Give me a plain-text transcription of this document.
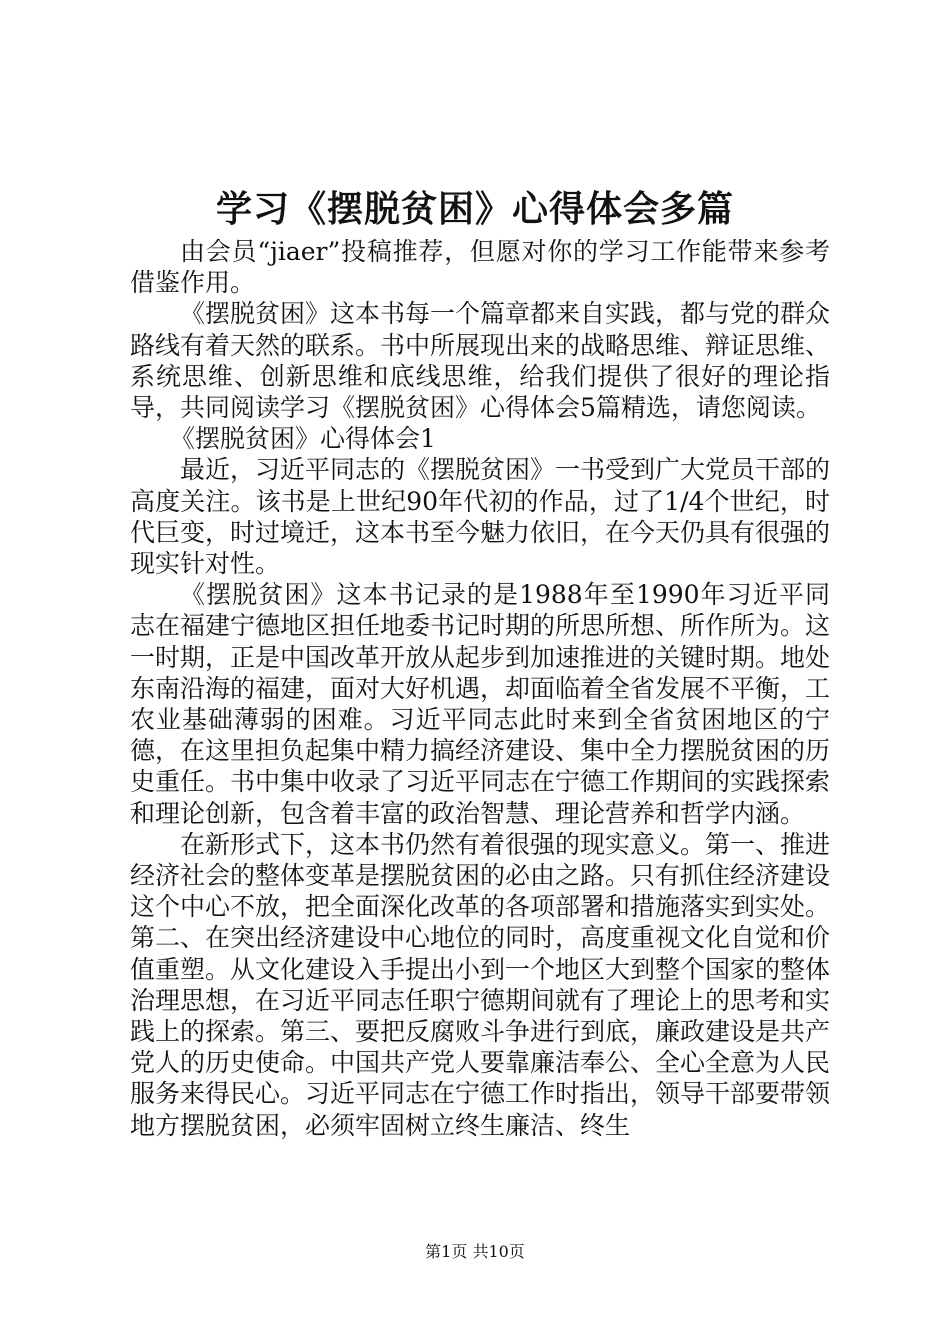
学习《摆脱贫困》心得体会多篇

由会员“jiaer”投稿推荐，但愿对你的学习工作能带来参考借鉴作用。

《摆脱贫困》这本书每一个篇章都来自实践，都与党的群众路线有着天然的联系。书中所展现出来的战略思维、辩证思维、系统思维、创新思维和底线思维，给我们提供了很好的理论指导，共同阅读学习《摆脱贫困》心得体会5篇精选，请您阅读。

《摆脱贫困》心得体会1

最近，习近平同志的《摆脱贫困》一书受到广大党员干部的高度关注。该书是上世纪90年代初的作品，过了1/4个世纪，时代巨变，时过境迁，这本书至今魅力依旧，在今天仍具有很强的现实针对性。

《摆脱贫困》这本书记录的是1988年至1990年习近平同志在福建宁德地区担任地委书记时期的所思所想、所作所为。这一时期，正是中国改革开放从起步到加速推进的关键时期。地处东南沿海的福建，面对大好机遇，却面临着全省发展不平衡，工农业基础薄弱的困难。习近平同志此时来到全省贫困地区的宁德，在这里担负起集中精力搞经济建设、集中全力摆脱贫困的历史重任。书中集中收录了习近平同志在宁德工作期间的实践探索和理论创新，包含着丰富的政治智慧、理论营养和哲学内涵。

在新形式下，这本书仍然有着很强的现实意义。第一、推进经济社会的整体变革是摆脱贫困的必由之路。只有抓住经济建设这个中心不放，把全面深化改革的各项部署和措施落实到实处。第二、在突出经济建设中心地位的同时，高度重视文化自觉和价值重塑。从文化建设入手提出小到一个地区大到整个国家的整体治理思想，在习近平同志任职宁德期间就有了理论上的思考和实践上的探索。第三、要把反腐败斗争进行到底，廉政建设是共产党人的历史使命。中国共产党人要靠廉洁奉公、全心全意为人民服务来得民心。习近平同志在宁德工作时指出，领导干部要带领地方摆脱贫困，必须牢固树立终生廉洁、终生

第1页 共10页
